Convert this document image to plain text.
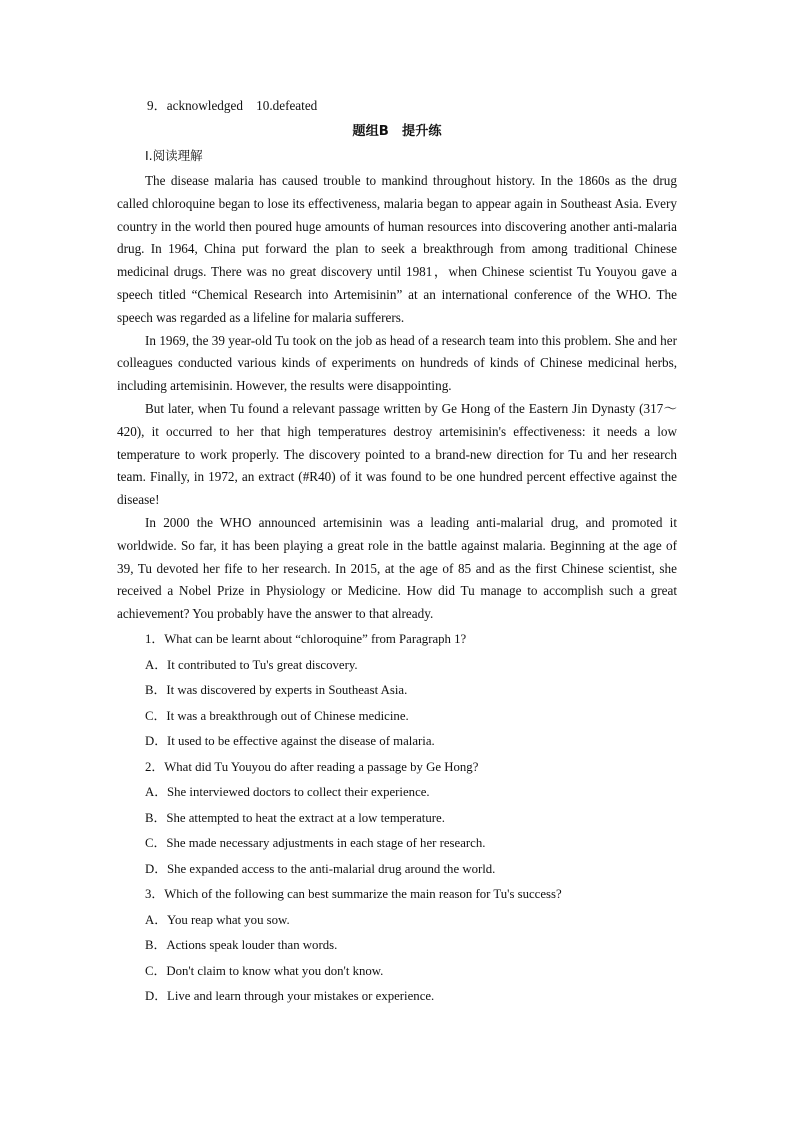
9．acknowledged　10.defeated
题组B　提升练
Ⅰ.阅读理解

The disease malaria has caused trouble to mankind throughout history. In the 1860s as the drug called chloroquine began to lose its effectiveness, malaria began to appear again in Southeast Asia. Every country in the world then poured huge amounts of human resources into discovering another anti-malaria drug. In 1964, China put forward the plan to seek a breakthrough from among traditional Chinese medicinal drugs. There was no great discovery until 1981，when Chinese scientist Tu Youyou gave a speech titled “Chemical Research into Artemisinin” at an international conference of the WHO. The speech was regarded as a lifeline for malaria sufferers.

In 1969, the 39 year-old Tu took on the job as head of a research team into this problem. She and her colleagues conducted various kinds of experiments on hundreds of kinds of Chinese medicinal herbs, including artemisinin. However, the results were disappointing.

But later, when Tu found a relevant passage written by Ge Hong of the Eastern Jin Dynasty (317～420), it occurred to her that high temperatures destroy artemisinin's effectiveness: it needs a low temperature to work properly. The discovery pointed to a brand-new direction for Tu and her research team. Finally, in 1972, an extract (#R40) of it was found to be one hundred percent effective against the disease!

In 2000 the WHO announced artemisinin was a leading anti-malarial drug, and promoted it worldwide. So far, it has been playing a great role in the battle against malaria. Beginning at the age of 39, Tu devoted her fife to her research. In 2015, at the age of 85 and as the first Chinese scientist, she received a Nobel Prize in Physiology or Medicine. How did Tu manage to accomplish such a great achievement? You probably have the answer to that already.

1．What can be learnt about “chloroquine” from Paragraph 1?
A．It contributed to Tu's great discovery.
B．It was discovered by experts in Southeast Asia.
C．It was a breakthrough out of Chinese medicine.
D．It used to be effective against the disease of malaria.
2．What did Tu Youyou do after reading a passage by Ge Hong?
A．She interviewed doctors to collect their experience.
B．She attempted to heat the extract at a low temperature.
C．She made necessary adjustments in each stage of her research.
D．She expanded access to the anti-malarial drug around the world.
3．Which of the following can best summarize the main reason for Tu's success?
A．You reap what you sow.
B．Actions speak louder than words.
C．Don't claim to know what you don't know.
D．Live and learn through your mistakes or experience.
